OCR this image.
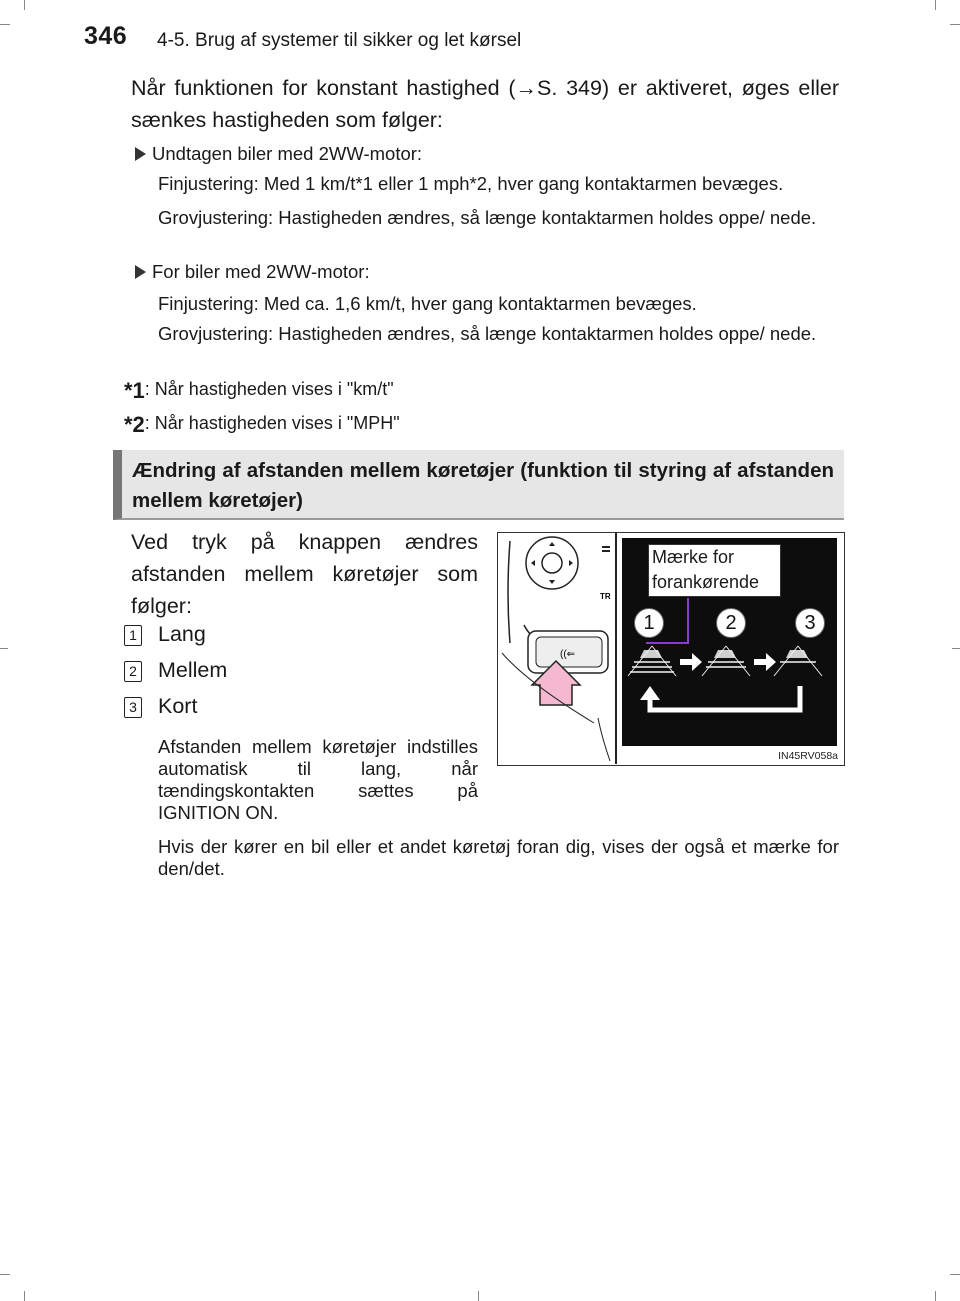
346 4-5. Brug af systemer til sikker og let kørsel
Når funktionen for konstant hastighed (→S. 349) er aktiveret, øges eller sænkes hastigheden som følger:
Undtagen biler med 2WW-motor:
Finjustering: Med 1 km/t*1 eller 1 mph*2, hver gang kontaktarmen bevæges.
Grovjustering: Hastigheden ændres, så længe kontaktarmen holdes oppe/ nede.
For biler med 2WW-motor:
Finjustering: Med ca. 1,6 km/t, hver gang kontaktarmen bevæges.
Grovjustering: Hastigheden ændres, så længe kontaktarmen holdes oppe/ nede.
*1: Når hastigheden vises i "km/t"
*2: Når hastigheden vises i "MPH"
Ændring af afstanden mellem køretøjer (funktion til styring af afstanden mellem køretøjer)
Ved tryk på knappen ændres afstanden mellem køretøjer som følger:
1 Lang
2 Mellem
3 Kort
Afstanden mellem køretøjer indstilles automatisk til lang, når tændingskontakten sættes på IGNITION ON.
Hvis der kører en bil eller et andet køretøj foran dig, vises der også et mærke for den/det.
TR
((⇐
1	2	3
IN45RV058a
Mærke for forankørende
